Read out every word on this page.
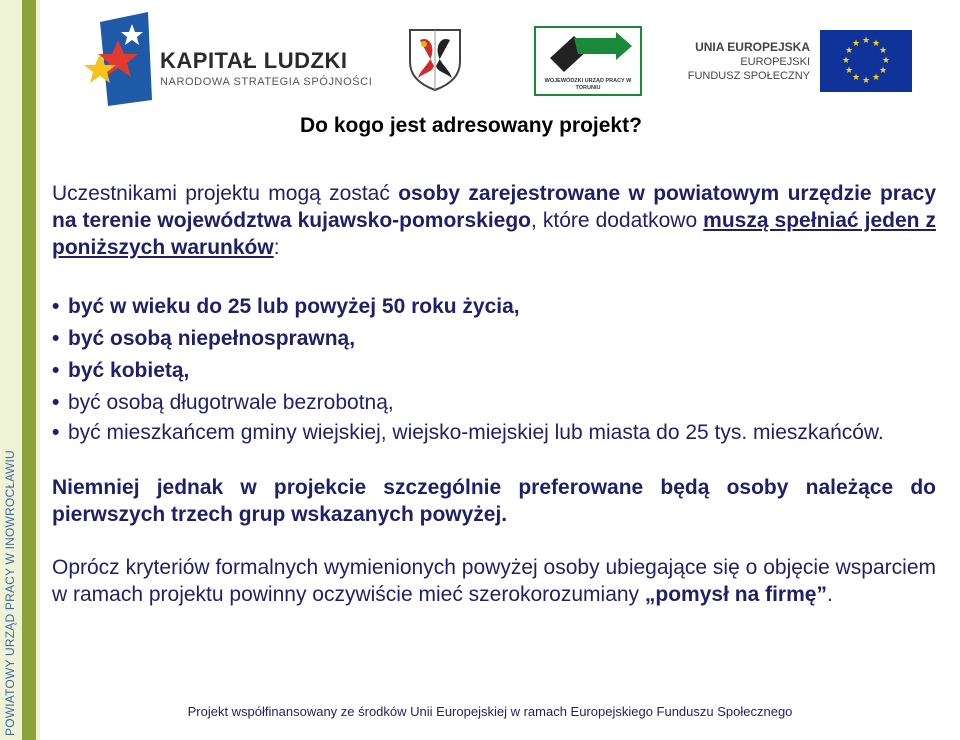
POWIATOWY URZĄD PRACY W INOWROCŁAWIU
KAPITAŁ LUDZKI
NARODOWA STRATEGIA SPÓJNOŚCI	WOJEWÓDZKI URZĄD PRACY W TORUNIU
UNIA EUROPEJSKA
EUROPEJSKI
FUNDUSZ SPOŁECZNY
★ ★
★
★
★
★
★
★
★
★
★
★
Do kogo jest adresowany projekt?

Uczestnikami projektu mogą zostać osoby zarejestrowane w powiatowym urzędzie pracy na terenie województwa kujawsko-pomorskiego, które dodatkowo muszą spełniać jeden z poniższych warunków:

• być w wieku do 25 lub powyżej 50 roku życia,
• być osobą niepełnosprawną,
• być kobietą,
• być osobą długotrwale bezrobotną,
• być mieszkańcem gminy wiejskiej, wiejsko-miejskiej lub miasta do 25 tys. mieszkańców.

Niemniej jednak w projekcie szczególnie preferowane będą osoby należące do pierwszych trzech grup wskazanych powyżej.

Oprócz kryteriów formalnych wymienionych powyżej osoby ubiegające się o objęcie wsparciem w ramach projektu powinny oczywiście mieć szerokorozumiany „pomysł na firmę”.

Projekt współfinansowany ze środków Unii Europejskiej w ramach Europejskiego Funduszu Społecznego
